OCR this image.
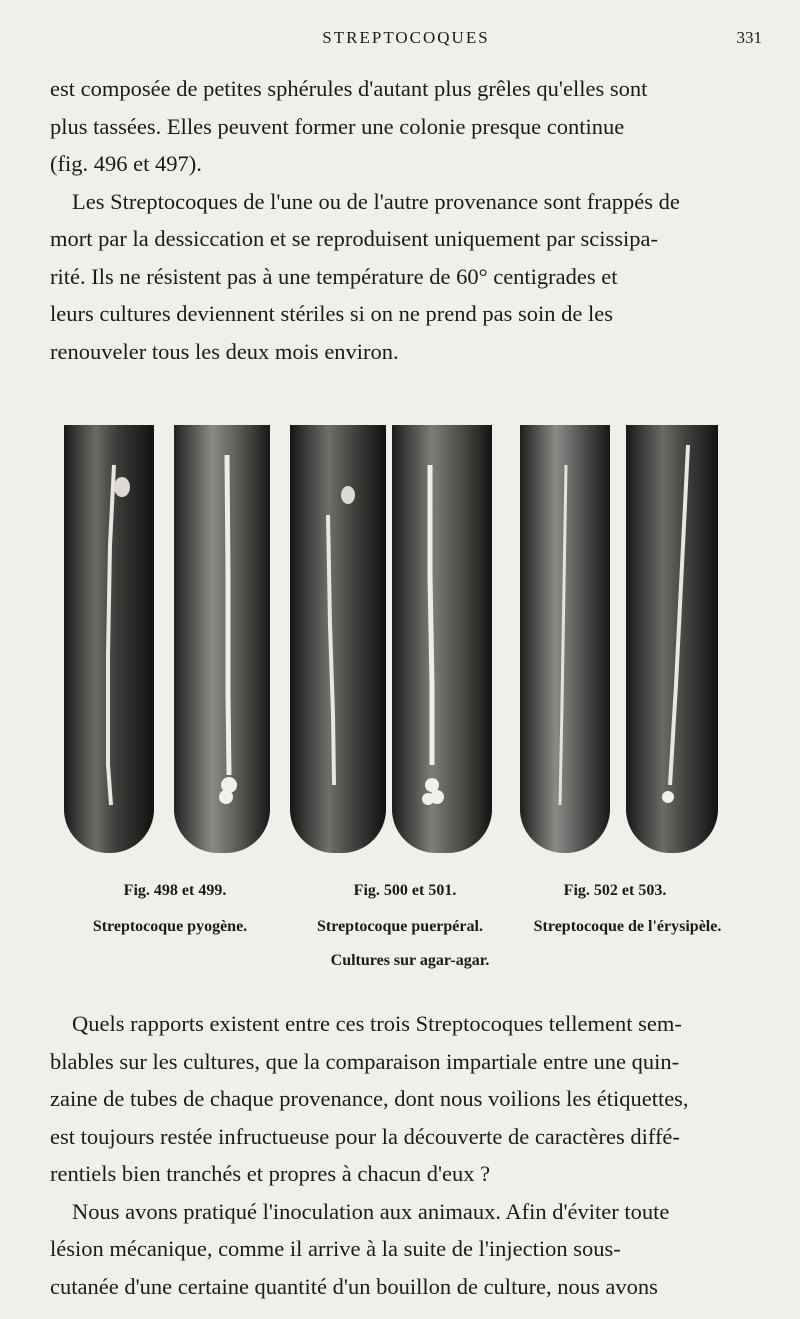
STREPTOCOQUES	331

est composée de petites sphérules d'autant plus grêles qu'elles sont

plus tassées. Elles peuvent former une colonie presque continue

(fig. 496 et 497).

Les Streptocoques de l'une ou de l'autre provenance sont frappés de

mort par la dessiccation et se reproduisent uniquement par scissipa-

rité. Ils ne résistent pas à une température de 60° centigrades et

leurs cultures deviennent stériles si on ne prend pas soin de les

renouveler tous les deux mois environ.

Fig. 498 et 499.	Fig. 500 et 501.	Fig. 502 et 503.
Streptocoque pyogène.	Streptocoque puerpéral.	Streptocoque de l'érysipèle.
Cultures sur agar-agar.

Quels rapports existent entre ces trois Streptocoques tellement sem-

blables sur les cultures, que la comparaison impartiale entre une quin-

zaine de tubes de chaque provenance, dont nous voilions les étiquettes,

est toujours restée infructueuse pour la découverte de caractères diffé-

rentiels bien tranchés et propres à chacun d'eux ?

Nous avons pratiqué l'inoculation aux animaux. Afin d'éviter toute

lésion mécanique, comme il arrive à la suite de l'injection sous-

cutanée d'une certaine quantité d'un bouillon de culture, nous avons
